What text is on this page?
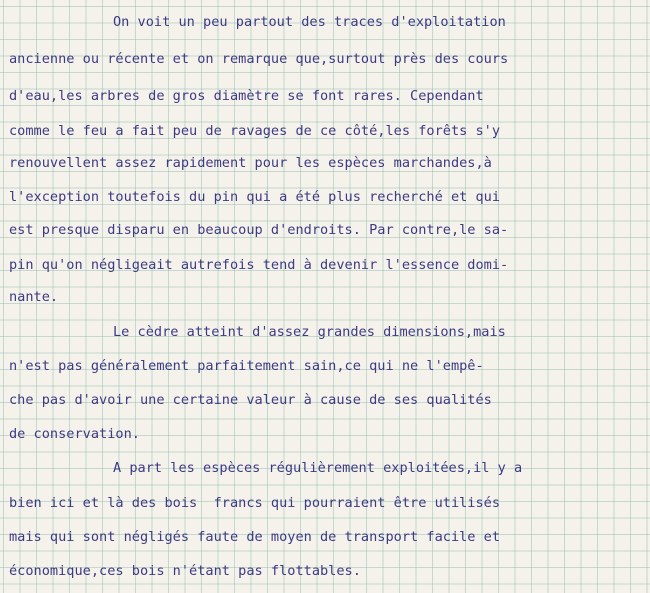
On voit un peu partout des traces d'exploitation
ancienne ou récente et on remarque que,surtout près des cours
d'eau,les arbres de gros diamètre se font rares. Cependant
comme le feu a fait peu de ravages de ce côté,les forêts s'y
renouvellent assez rapidement pour les espèces marchandes,à
l'exception toutefois du pin qui a été plus recherché et qui
est presque disparu en beaucoup d'endroits. Par contre,le sa-
pin qu'on négligeait autrefois tend à devenir l'essence domi-
nante.
Le cèdre atteint d'assez grandes dimensions,mais
n'est pas généralement parfaitement sain,ce qui ne l'empê-
che pas d'avoir une certaine valeur à cause de ses qualités
de conservation.
A part les espèces régulièrement exploitées,il y a
bien ici et là des bois  francs qui pourraient être utilisés
mais qui sont négligés faute de moyen de transport facile et
économique,ces bois n'étant pas flottables.
